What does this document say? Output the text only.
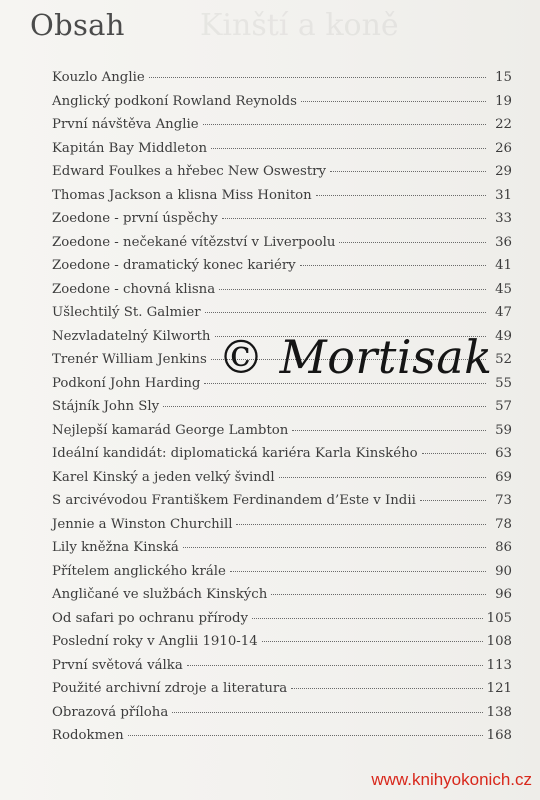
Kinští a koně
Obsah
Kouzlo Anglie	15
Anglický podkoní Rowland Reynolds	19
První návštěva Anglie	22
Kapitán Bay Middleton	26
Edward Foulkes a hřebec New Oswestry	29
Thomas Jackson a klisna Miss Honiton	31
Zoedone - první úspěchy	33
Zoedone - nečekané vítězství v Liverpoolu	36
Zoedone - dramatický konec kariéry	41
Zoedone - chovná klisna	45
Ušlechtilý St. Galmier	47
Nezvladatelný Kilworth	49
Trenér William Jenkins	52
Podkoní John Harding	55
Stájník John Sly	57
Nejlepší kamarád George Lambton	59
Ideální kandidát: diplomatická kariéra Karla Kinského	63
Karel Kinský a jeden velký švindl	69
S arcivévodou Františkem Ferdinandem d’Este v Indii	73
Jennie a Winston Churchill	78
Lily kněžna Kinská	86
Přítelem anglického krále	90
Angličané ve službách Kinských	96
Od safari po ochranu přírody	105
Poslední roky v Anglii 1910-14	108
První světová válka	113
Použité archivní zdroje a literatura	121
Obrazová příloha	138
Rodokmen	168
© Mortisak
www.knihyokonich.cz
